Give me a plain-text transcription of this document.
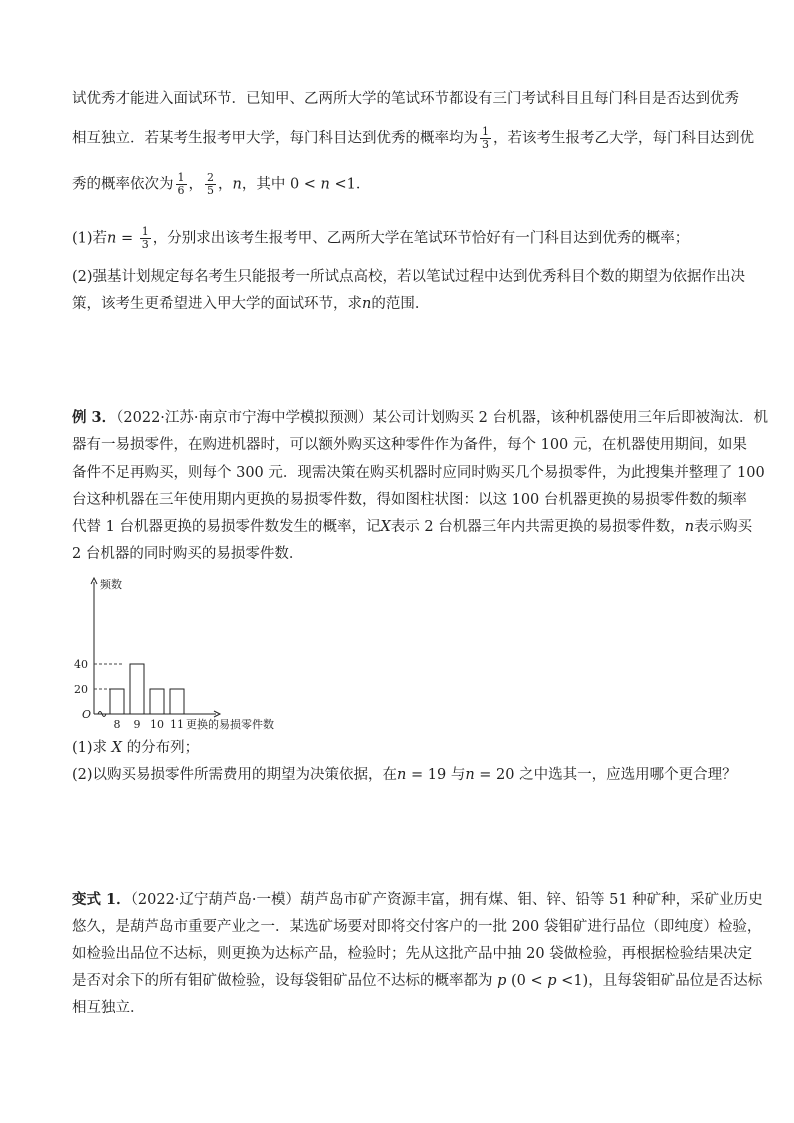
试优秀才能进入面试环节．已知甲、乙两所大学的笔试环节都设有三门考试科目且每门科目是否达到优秀
相互独立．若某考生报考甲大学，每门科目达到优秀的概率均为 $\frac{1}{3}$ ，若该考生报考乙大学，每门科目达到优
秀的概率依次为 $\frac{1}{6}$ ， $\frac{2}{5}$ ，n，其中 0 < n <1．
(1)若$n = \frac{1}{3}$ ，分别求出该考生报考甲、乙两所大学在笔试环节恰好有一门科目达到优秀的概率；
(2)强基计划规定每名考生只能报考一所试点高校，若以笔试过程中达到优秀科目个数的期望为依据作出决
策，该考生更希望进入甲大学的面试环节，求n的范围．
例 3．（2022·江苏·南京市宁海中学模拟预测）某公司计划购买 2 台机器，该种机器使用三年后即被淘汰．机
器有一易损零件，在购进机器时，可以额外购买这种零件作为备件，每个 100 元，在机器使用期间，如果
备件不足再购买，则每个 300 元．现需决策在购买机器时应同时购买几个易损零件，为此搜集并整理了 100
台这种机器在三年使用期内更换的易损零件数，得如图柱状图：以这 100 台机器更换的易损零件数的频率
代替 1 台机器更换的易损零件数发生的概率，记X表示 2 台机器三年内共需更换的易损零件数，n表示购买
2 台机器的同时购买的易损零件数．
频数
O
20
40
8 9 10 11 更换的易损零件数
(1)求 X 的分布列；
(2)以购买易损零件所需费用的期望为决策依据，在n = 19 与n = 20 之中选其一，应选用哪个更合理？
变式 1．（2022·辽宁葫芦岛·一模）葫芦岛市矿产资源丰富，拥有煤、钼、锌、铅等 51 种矿种，采矿业历史
悠久，是葫芦岛市重要产业之一．某选矿场要对即将交付客户的一批 200 袋钼矿进行品位（即纯度）检验，
如检验出品位不达标，则更换为达标产品，检验时；先从这批产品中抽 20 袋做检验，再根据检验结果决定
是否对余下的所有钼矿做检验，设每袋钼矿品位不达标的概率都为 p (0 < p <1)，且每袋钼矿品位是否达标
相互独立．
